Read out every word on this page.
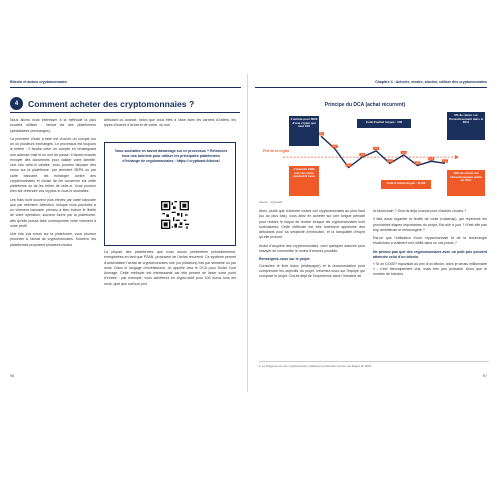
Bitcoin et autres cryptomonnaies
4	Comment acheter des cryptomonnaies ?

Nous allons nous intéresser à la méthode la plus souvent utilisée : l’achat via des plateformes spécialisées (exchanges).

La première chose à faire est d’ouvrir un compte sur un ou plusieurs exchanges. Le processus est toujours le même : il faudra créer un compte en renseignant une adresse mail et un mot de passe. Il faudra ensuite envoyer des documents pour valider votre identité. Une fois celle-ci validée, vous pourrez déposer des euros sur la plateforme, par virement SEPA ou par carte bancaire, les échanger contre des cryptomonnaies et choisir de les conserver sur cette plateforme ou de les retirer de celle-ci. Vous pourrez bien sûr revendre vos cryptos si vous le souhaitez.

Les frais sont souvent plus élevés par carte bancaire que par virement. Attention, lorsque vous procédez à un virement bancaire, pensez à bien inclure le libellé de votre opération, souvent fourni par la plateforme, afin qu’elle puisse faire correspondre votre virement à votre profil.

Une fois vos euros sur la plateforme, vous pourrez procéder à l’achat de cryptomonnaies. Souvent, les plateformes proposent plusieurs modes

débutant ou avancé, selon que vous êtes à l’aise avec les carnets d’ordres, les types d’ordres d’achat et de vente, ou non.

Vous souhaitez en savoir davantage sur ce processus ? Retrouvez tous nos tutoriels pour utiliser les principales plateformes d’échange de cryptomonnaies : https:// cryptoast.fr/tutos/

La plupart des plateformes que nous avons présentées précédemment, enregistrées en tant que PSAN, proposent de l’achat récurrent. Ce système permet d’automatiser l’achat de cryptomonnaies une (ou plusieurs) fois par semaine ou par mois. Dans le langage d’investisseur, on appelle cela le DCA pour Dollar Cost Average. Cette méthode est intéressante car elle permet de lisser votre point d’entrée : par exemple, vous achèterez en crypto-actif pour 100 euros tous les mois, quel que soit son prix.

96
Chapitre 4 : Acheter, vendre, stocker, utiliser des cryptomonnaies
Principe du DCA (achat récurrent)
Prix de la crypto
10€
10€
10€
10€
10€
10€
10€
10€
10€
10€
J’achète pour 800€ d’une crypto qui vaut 10€
Coût d’achat moyen : 10€
0% de retour sur l’investissement dans le DCA
J’investis 100€ tous les mois pendant 8 mois
Coût d’achat moyen : 8,16€
18% de retour sur l’investissement grâce au DCA
Source : Cryptoast

Ainsi, plutôt que d’acheter toutes vos cryptomonnaies au plus haut (ou au plus bas), vous allez en acheter sur une longue période pour réduire le risque de rentrer lorsque les cryptomonnaies sont surévaluées. Cette méthode est très fortement appréciée des débutants pour sa simplicité d’exécution, et la tranquillité d’esprit qu’elle procure.

Avant d’acquérir des cryptomonnaies, voici quelques astuces pour essayer de commettre le moins d’erreurs possible.

Renseignez-vous sur le projet.

Consultez le livre blanc (whitepaper) et la documentation pour comprendre les objectifs du projet. Informez-vous sur l’équipe qui compose le projet. Ont-ils déjà de l’expérience dans l’industrie de

la blockchain ? Sont-ils déjà connus pour d’autres choses ?

Il faut aussi regarder la feuille de route (roadmap), qui répertorie les prochaines étapes importantes du projet. Est-elle à jour ? N’est-elle pas trop ambitieuse et mensongère ?

Est-ce que l’utilisation d’une cryptomonnaie et de la technologie blockchain a vraiment une utilité dans ce cas précis ?

Ne pensez pas que des cryptomonnaies avec un petit prix peuvent atteindre celui d’un bitcoin.

« Si un DOGE¹ équivalait au prix d’un bitcoin, alors je serais millionnaire » : c’est théoriquement vrai, mais très peu probable. Alors que le nombre de bitcoins

1. Le Dogecoin est une cryptomonnaie, initialement présentée comme une blague fin 2013.
97
